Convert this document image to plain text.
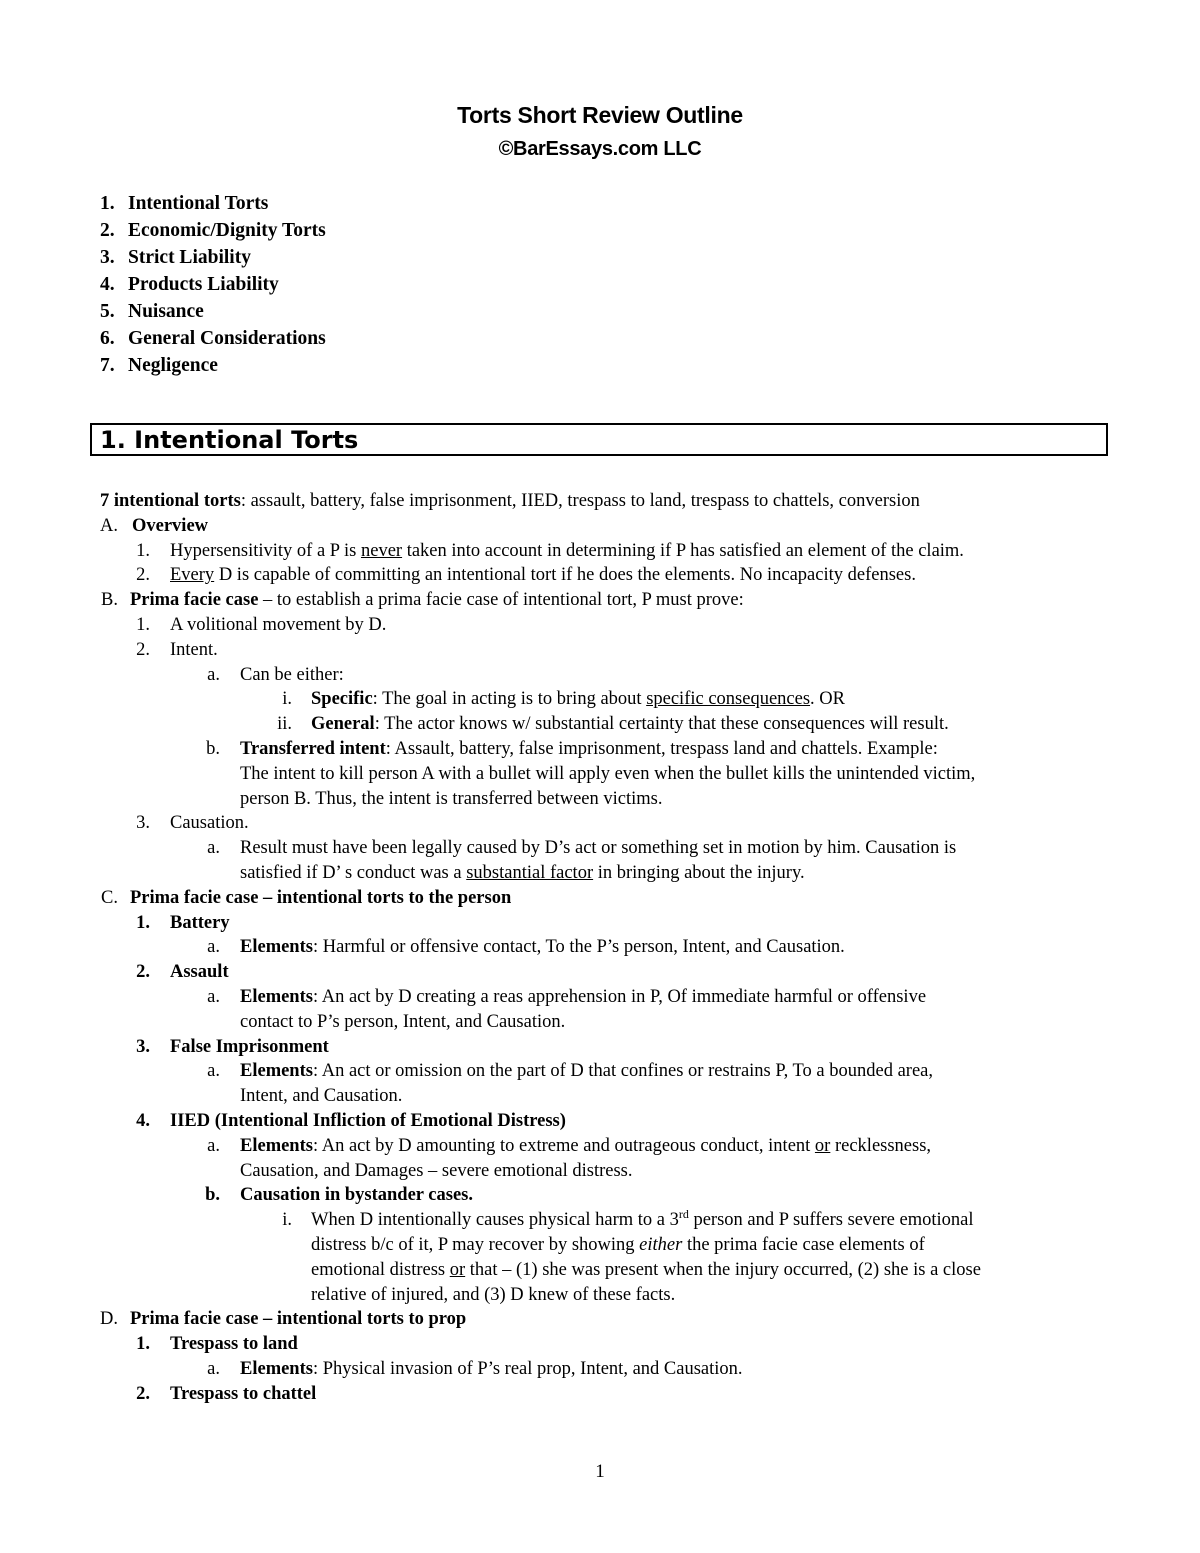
Torts Short Review Outline
©BarEssays.com LLC
1. Intentional Torts
2. Economic/Dignity Torts
3. Strict Liability
4. Products Liability
5. Nuisance
6. General Considerations
7. Negligence
1. Intentional Torts
7 intentional torts: assault, battery, false imprisonment, IIED, trespass to land, trespass to chattels, conversion
A. Overview
1. Hypersensitivity of a P is never taken into account in determining if P has satisfied an element of the claim.
2. Every D is capable of committing an intentional tort if he does the elements. No incapacity defenses.
B. Prima facie case – to establish a prima facie case of intentional tort, P must prove:
1. A volitional movement by D.
2. Intent.
a. Can be either:
i. Specific: The goal in acting is to bring about specific consequences. OR
ii. General: The actor knows w/ substantial certainty that these consequences will result.
b. Transferred intent: Assault, battery, false imprisonment, trespass land and chattels. Example:
The intent to kill person A with a bullet will apply even when the bullet kills the unintended victim,
person B. Thus, the intent is transferred between victims.
3. Causation.
a. Result must have been legally caused by D’s act or something set in motion by him. Causation is
satisfied if D’ s conduct was a substantial factor in bringing about the injury.
C. Prima facie case – intentional torts to the person
1. Battery
a. Elements: Harmful or offensive contact, To the P’s person, Intent, and Causation.
2. Assault
a. Elements: An act by D creating a reas apprehension in P, Of immediate harmful or offensive
contact to P’s person, Intent, and Causation.
3. False Imprisonment
a. Elements: An act or omission on the part of D that confines or restrains P, To a bounded area,
Intent, and Causation.
4. IIED (Intentional Infliction of Emotional Distress)
a. Elements: An act by D amounting to extreme and outrageous conduct, intent or recklessness,
Causation, and Damages – severe emotional distress.
b. Causation in bystander cases.
i. When D intentionally causes physical harm to a 3rd person and P suffers severe emotional
distress b/c of it, P may recover by showing either the prima facie case elements of
emotional distress or that – (1) she was present when the injury occurred, (2) she is a close
relative of injured, and (3) D knew of these facts.
D. Prima facie case – intentional torts to prop
1. Trespass to land
a. Elements: Physical invasion of P’s real prop, Intent, and Causation.
2. Trespass to chattel
1
